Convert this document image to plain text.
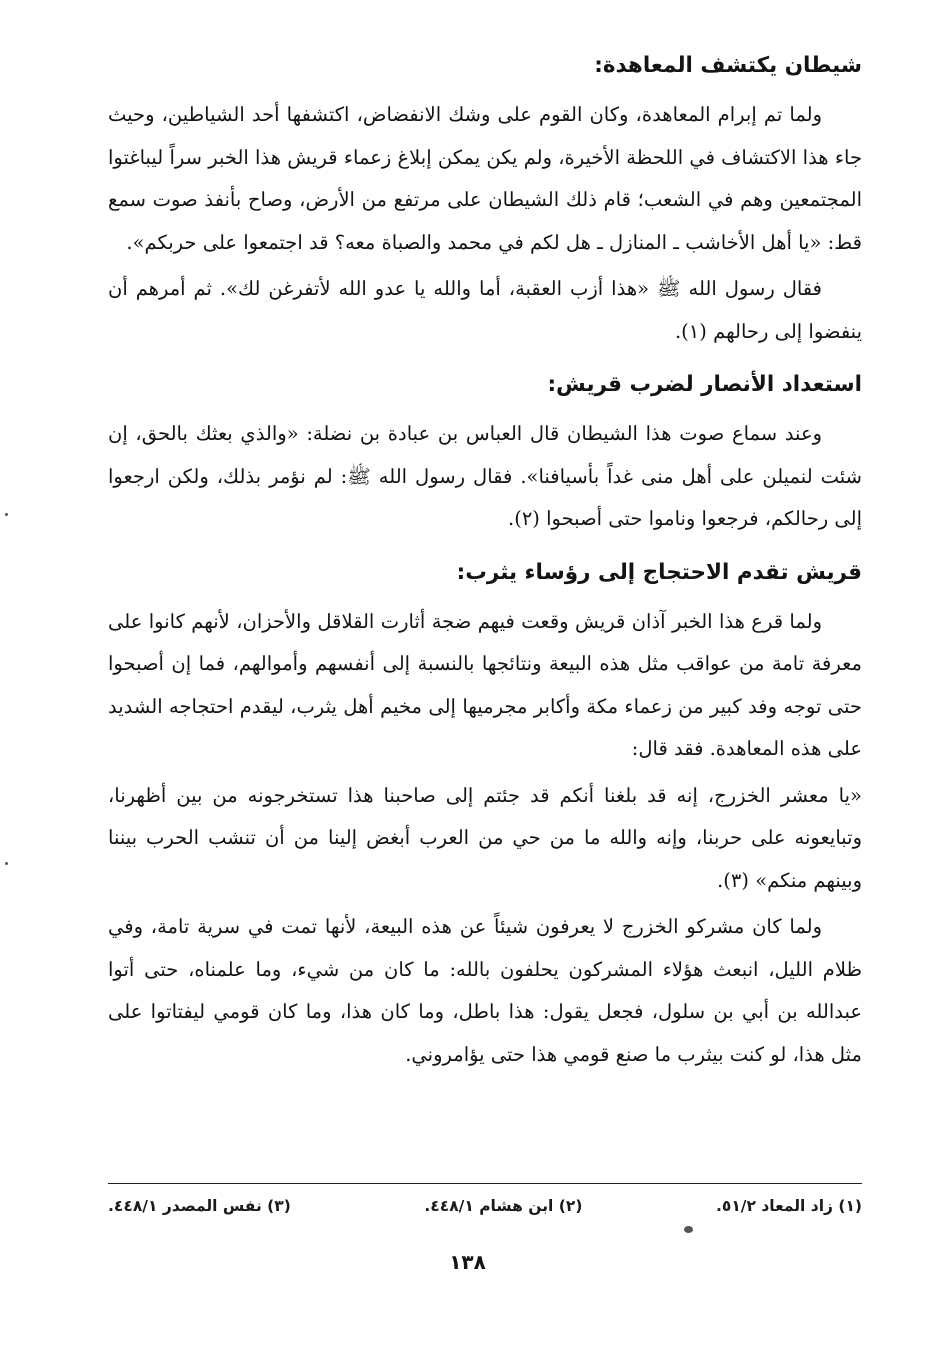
شيطان يكتشف المعاهدة:

ولما تم إبرام المعاهدة، وكان القوم على وشك الانفضاض، اكتشفها أحد الشياطين، وحيث جاء هذا الاكتشاف في اللحظة الأخيرة، ولم يكن يمكن إبلاغ زعماء قريش هذا الخبر سراً ليباغتوا المجتمعين وهم في الشعب؛ قام ذلك الشيطان على مرتفع من الأرض، وصاح بأنفذ صوت سمع قط: «يا أهل الأخاشب ـ المنازل ـ هل لكم في محمد والصباة معه؟ قد اجتمعوا على حربكم».

فقال رسول الله ﷺ «هذا أزب العقبة، أما والله يا عدو الله لأتفرغن لك». ثم أمرهم أن ينفضوا إلى رحالهم (١).

استعداد الأنصار لضرب قريش:

وعند سماع صوت هذا الشيطان قال العباس بن عبادة بن نضلة: «والذي بعثك بالحق، إن شئت لنميلن على أهل منى غداً بأسيافنا». فقال رسول الله ﷺ: لم نؤمر بذلك، ولكن ارجعوا إلى رحالكم، فرجعوا وناموا حتى أصبحوا (٢).

قريش تقدم الاحتجاج إلى رؤساء يثرب:

ولما قرع هذا الخبر آذان قريش وقعت فيهم ضجة أثارت القلاقل والأحزان، لأنهم كانوا على معرفة تامة من عواقب مثل هذه البيعة ونتائجها بالنسبة إلى أنفسهم وأموالهم، فما إن أصبحوا حتى توجه وفد كبير من زعماء مكة وأكابر مجرميها إلى مخيم أهل يثرب، ليقدم احتجاجه الشديد على هذه المعاهدة. فقد قال:

«يا معشر الخزرج، إنه قد بلغنا أنكم قد جئتم إلى صاحبنا هذا تستخرجونه من بين أظهرنا، وتبايعونه على حربنا، وإنه والله ما من حي من العرب أبغض إلينا من أن تنشب الحرب بيننا وبينهم منكم» (٣).

ولما كان مشركو الخزرج لا يعرفون شيئاً عن هذه البيعة، لأنها تمت في سرية تامة، وفي ظلام الليل، انبعث هؤلاء المشركون يحلفون بالله: ما كان من شيء، وما علمناه، حتى أتوا عبدالله بن أبي بن سلول، فجعل يقول: هذا باطل، وما كان هذا، وما كان قومي ليفتاتوا على مثل هذا، لو كنت بيثرب ما صنع قومي هذا حتى يؤامروني.

(١) زاد المعاد ٥١/٢.
(٢) ابن هشام ٤٤٨/١.
(٣) نفس المصدر ٤٤٨/١.
١٣٨
